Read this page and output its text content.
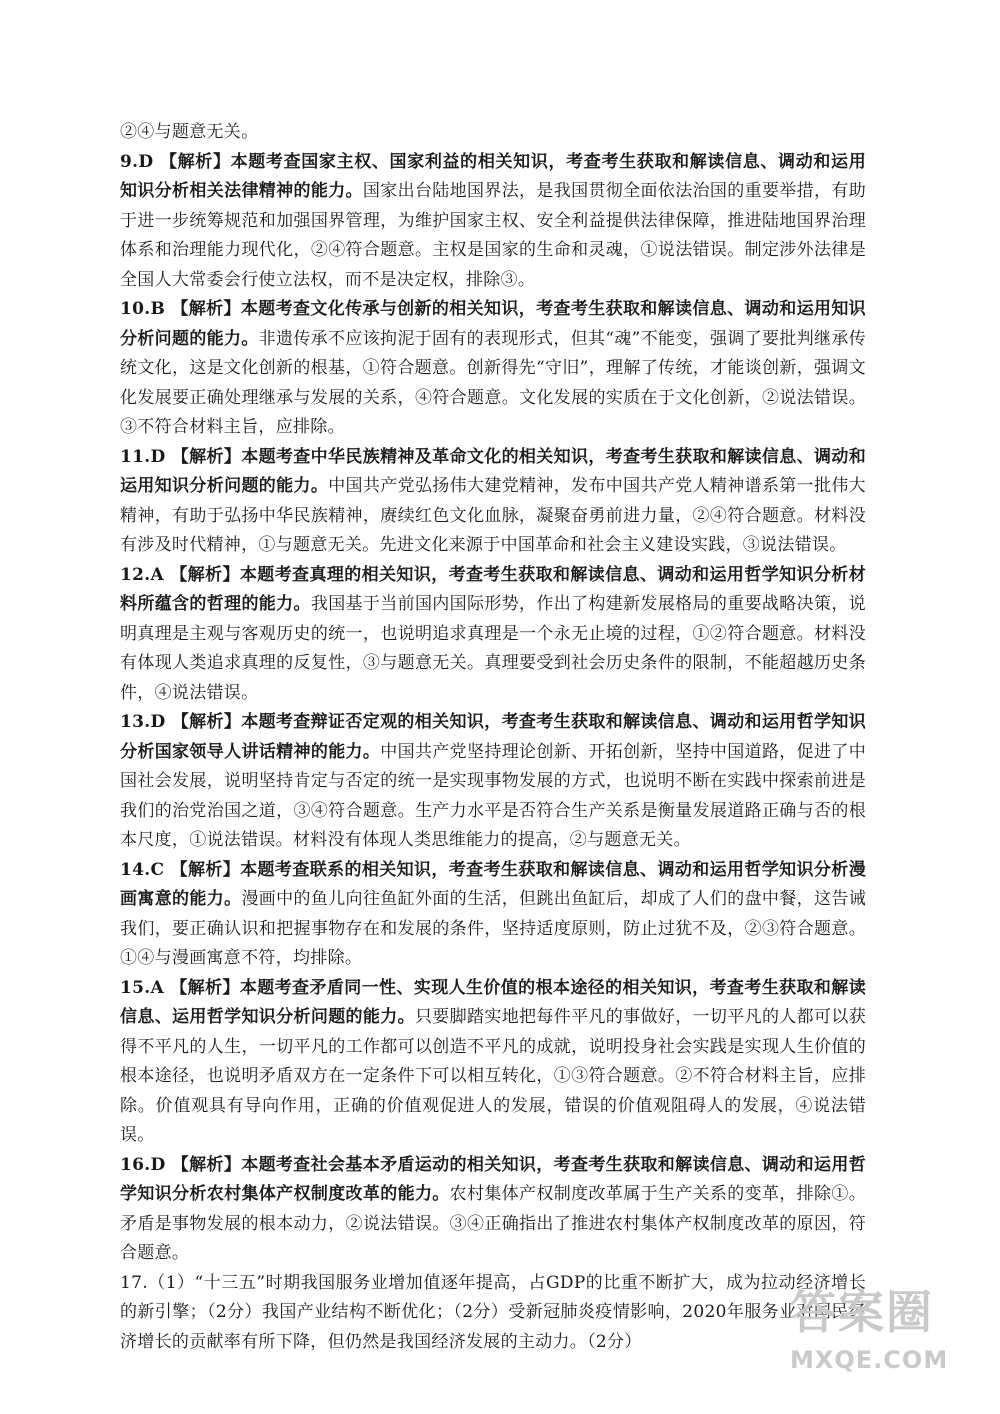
②④与题意无关。

9.D 【解析】本题考查国家主权、国家利益的相关知识，考查考生获取和解读信息、调动和运用知识分析相关法律精神的能力。国家出台陆地国界法，是我国贯彻全面依法治国的重要举措，有助于进一步统筹规范和加强国界管理，为维护国家主权、安全利益提供法律保障，推进陆地国界治理体系和治理能力现代化，②④符合题意。主权是国家的生命和灵魂，①说法错误。制定涉外法律是全国人大常委会行使立法权，而不是决定权，排除③。

10.B 【解析】本题考查文化传承与创新的相关知识，考查考生获取和解读信息、调动和运用知识分析问题的能力。非遗传承不应该拘泥于固有的表现形式，但其“魂”不能变，强调了要批判继承传统文化，这是文化创新的根基，①符合题意。创新得先“守旧”，理解了传统，才能谈创新，强调文化发展要正确处理继承与发展的关系，④符合题意。文化发展的实质在于文化创新，②说法错误。③不符合材料主旨，应排除。

11.D 【解析】本题考查中华民族精神及革命文化的相关知识，考查考生获取和解读信息、调动和运用知识分析问题的能力。中国共产党弘扬伟大建党精神，发布中国共产党人精神谱系第一批伟大精神，有助于弘扬中华民族精神，赓续红色文化血脉，凝聚奋勇前进力量，②④符合题意。材料没有涉及时代精神，①与题意无关。先进文化来源于中国革命和社会主义建设实践，③说法错误。

12.A 【解析】本题考查真理的相关知识，考查考生获取和解读信息、调动和运用哲学知识分析材料所蕴含的哲理的能力。我国基于当前国内国际形势，作出了构建新发展格局的重要战略决策，说明真理是主观与客观历史的统一，也说明追求真理是一个永无止境的过程，①②符合题意。材料没有体现人类追求真理的反复性，③与题意无关。真理要受到社会历史条件的限制，不能超越历史条件，④说法错误。

13.D 【解析】本题考查辩证否定观的相关知识，考查考生获取和解读信息、调动和运用哲学知识分析国家领导人讲话精神的能力。中国共产党坚持理论创新、开拓创新，坚持中国道路，促进了中国社会发展，说明坚持肯定与否定的统一是实现事物发展的方式，也说明不断在实践中探索前进是我们的治党治国之道，③④符合题意。生产力水平是否符合生产关系是衡量发展道路正确与否的根本尺度，①说法错误。材料没有体现人类思维能力的提高，②与题意无关。

14.C 【解析】本题考查联系的相关知识，考查考生获取和解读信息、调动和运用哲学知识分析漫画寓意的能力。漫画中的鱼儿向往鱼缸外面的生活，但跳出鱼缸后，却成了人们的盘中餐，这告诫我们，要正确认识和把握事物存在和发展的条件，坚持适度原则，防止过犹不及，②③符合题意。①④与漫画寓意不符，均排除。

15.A 【解析】本题考查矛盾同一性、实现人生价值的根本途径的相关知识，考查考生获取和解读信息、运用哲学知识分析问题的能力。只要脚踏实地把每件平凡的事做好，一切平凡的人都可以获得不平凡的人生，一切平凡的工作都可以创造不平凡的成就，说明投身社会实践是实现人生价值的根本途径，也说明矛盾双方在一定条件下可以相互转化，①③符合题意。②不符合材料主旨，应排除。价值观具有导向作用，正确的价值观促进人的发展，错误的价值观阻碍人的发展，④说法错误。

16.D 【解析】本题考查社会基本矛盾运动的相关知识，考查考生获取和解读信息、调动和运用哲学知识分析农村集体产权制度改革的能力。农村集体产权制度改革属于生产关系的变革，排除①。矛盾是事物发展的根本动力，②说法错误。③④正确指出了推进农村集体产权制度改革的原因，符合题意。

17.（1）“十三五”时期我国服务业增加值逐年提高，占GDP的比重不断扩大，成为拉动经济增长的新引擎；（2分）我国产业结构不断优化；（2分）受新冠肺炎疫情影响，2020年服务业对国民经济增长的贡献率有所下降，但仍然是我国经济发展的主动力。（2分）

答案圈
MXQE.COM
